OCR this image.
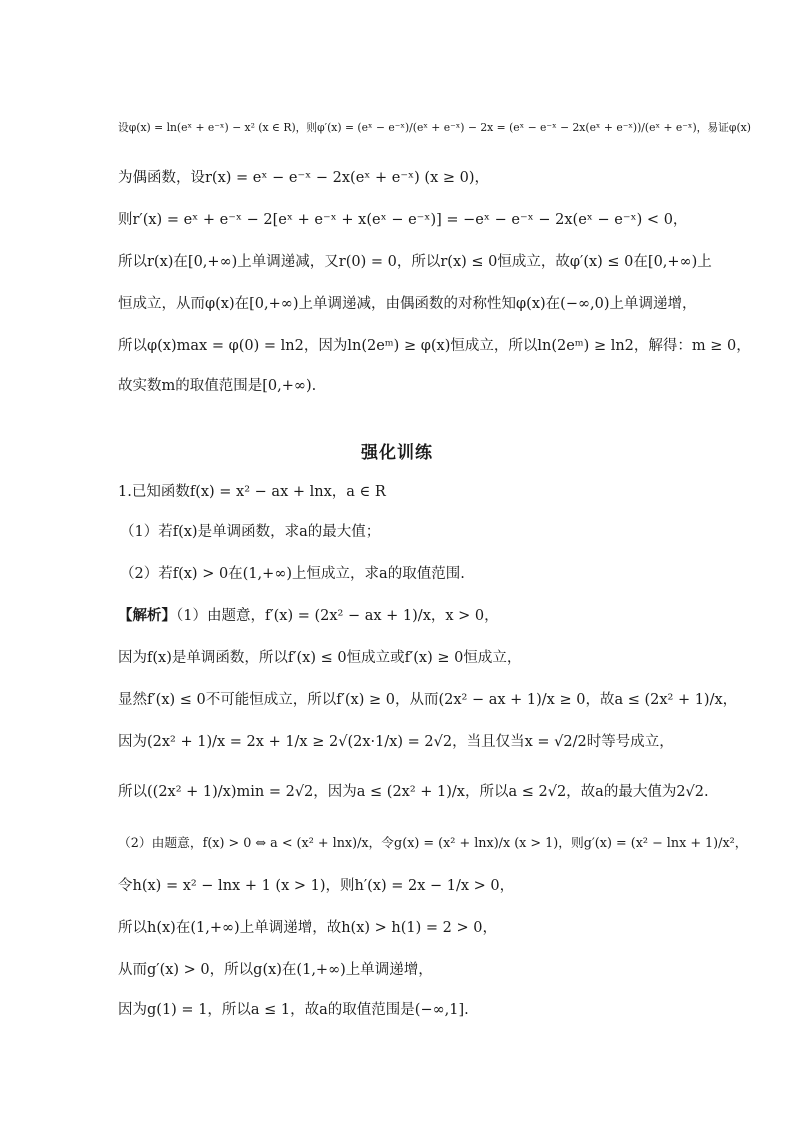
设φ(x) = ln(eˣ + e⁻ˣ) − x² (x ∈ R)，则φ′(x) = (eˣ − e⁻ˣ)/(eˣ + e⁻ˣ) − 2x = (eˣ − e⁻ˣ − 2x(eˣ + e⁻ˣ))/(eˣ + e⁻ˣ)，易证φ(x)
为偶函数，设r(x) = eˣ − e⁻ˣ − 2x(eˣ + e⁻ˣ) (x ≥ 0)，
则r′(x) = eˣ + e⁻ˣ − 2[eˣ + e⁻ˣ + x(eˣ − e⁻ˣ)] = −eˣ − e⁻ˣ − 2x(eˣ − e⁻ˣ) < 0，
所以r(x)在[0,+∞)上单调递减，又r(0) = 0，所以r(x) ≤ 0恒成立，故φ′(x) ≤ 0在[0,+∞)上
恒成立，从而φ(x)在[0,+∞)上单调递减，由偶函数的对称性知φ(x)在(−∞,0)上单调递增，
所以φ(x)max = φ(0) = ln2，因为ln(2eᵐ) ≥ φ(x)恒成立，所以ln(2eᵐ) ≥ ln2，解得：m ≥ 0，
故实数m的取值范围是[0,+∞).
强化训练
1.已知函数f(x) = x² − ax + lnx，a ∈ R
（1）若f(x)是单调函数，求a的最大值；
（2）若f(x) > 0在(1,+∞)上恒成立，求a的取值范围.
【解析】（1）由题意，f′(x) = (2x² − ax + 1)/x，x > 0，
因为f(x)是单调函数，所以f′(x) ≤ 0恒成立或f′(x) ≥ 0恒成立，
显然f′(x) ≤ 0不可能恒成立，所以f′(x) ≥ 0，从而(2x² − ax + 1)/x ≥ 0，故a ≤ (2x² + 1)/x，
因为(2x² + 1)/x = 2x + 1/x ≥ 2√(2x·1/x) = 2√2，当且仅当x = √2/2时等号成立，
所以((2x² + 1)/x)min = 2√2，因为a ≤ (2x² + 1)/x，所以a ≤ 2√2，故a的最大值为2√2.
（2）由题意，f(x) > 0 ⇔ a < (x² + lnx)/x，令g(x) = (x² + lnx)/x (x > 1)，则g′(x) = (x² − lnx + 1)/x²，
令h(x) = x² − lnx + 1 (x > 1)，则h′(x) = 2x − 1/x > 0，
所以h(x)在(1,+∞)上单调递增，故h(x) > h(1) = 2 > 0，
从而g′(x) > 0，所以g(x)在(1,+∞)上单调递增，
因为g(1) = 1，所以a ≤ 1，故a的取值范围是(−∞,1].
